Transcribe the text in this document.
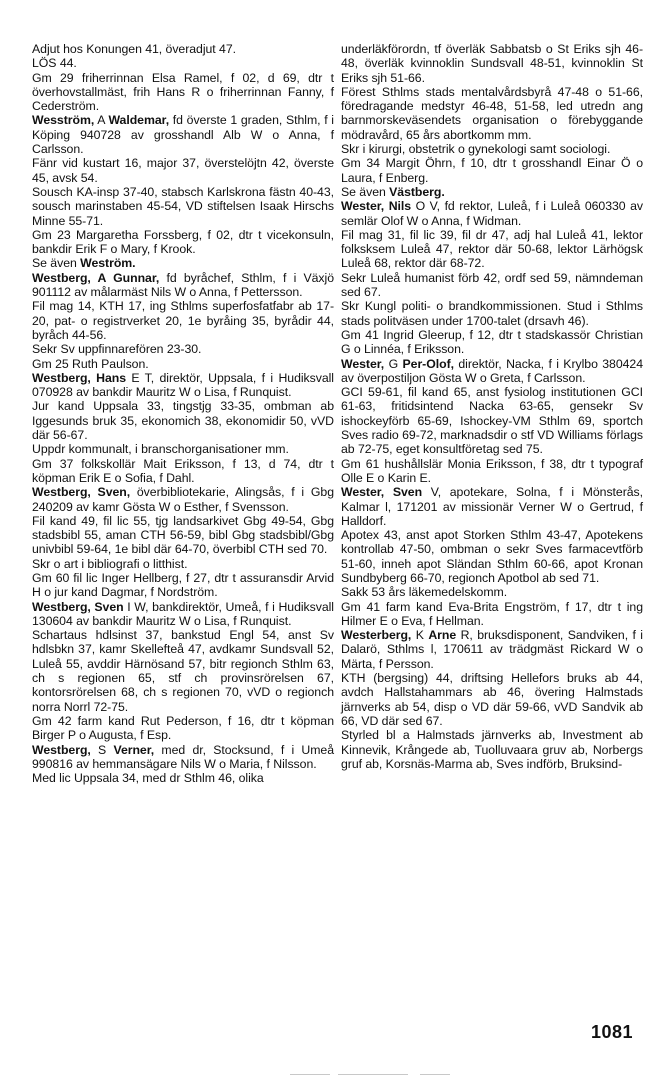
Adjut hos Konungen 41, överadjut 47.

LÖS 44.

Gm 29 friherrinnan Elsa Ramel, f 02, d 69, dtr t överhovstallmäst, frih Hans R o friherrinnan Fanny, f Cederström.

Wesström, A Waldemar, fd överste 1 graden, Sthlm, f i Köping 940728 av grosshandl Alb W o Anna, f Carlsson.

Fänr vid kustart 16, major 37, överstelöjtn 42, överste 45, avsk 54.

Sousch KA-insp 37-40, stabsch Karlskrona fästn 40-43, sousch marinstaben 45-54, VD stiftelsen Isaak Hirschs Minne 55-71.

Gm 23 Margaretha Forssberg, f 02, dtr t vicekonsuln, bankdir Erik F o Mary, f Krook.

Se även Weström.

Westberg, A Gunnar, fd byråchef, Sthlm, f i Växjö 901112 av målarmäst Nils W o Anna, f Pettersson.

Fil mag 14, KTH 17, ing Sthlms superfosfatfabr ab 17-20, pat- o registrverket 20, 1e byråing 35, byrådir 44, byråch 44-56.

Sekr Sv uppfinnarefören 23-30.

Gm 25 Ruth Paulson.

Westberg, Hans E T, direktör, Uppsala, f i Hudiksvall 070928 av bankdir Mauritz W o Lisa, f Runquist.

Jur kand Uppsala 33, tingstjg 33-35, ombman ab Iggesunds bruk 35, ekonomich 38, ekonomidir 50, vVD där 56-67.

Uppdr kommunalt, i branschorganisationer mm.

Gm 37 folkskollär Mait Eriksson, f 13, d 74, dtr t köpman Erik E o Sofia, f Dahl.

Westberg, Sven, överbibliotekarie, Alingsås, f i Gbg 240209 av kamr Gösta W o Esther, f Svensson.

Fil kand 49, fil lic 55, tjg landsarkivet Gbg 49-54, Gbg stadsbibl 55, aman CTH 56-59, bibl Gbg stadsbibl/Gbg univbibl 59-64, 1e bibl där 64-70, överbibl CTH sed 70.

Skr o art i bibliografi o litthist.

Gm 60 fil lic Inger Hellberg, f 27, dtr t assuransdir Arvid H o jur kand Dagmar, f Nordström.

Westberg, Sven I W, bankdirektör, Umeå, f i Hudiksvall 130604 av bankdir Mauritz W o Lisa, f Runquist.

Schartaus hdlsinst 37, bankstud Engl 54, anst Sv hdlsbkn 37, kamr Skellefteå 47, avdkamr Sundsvall 52, Luleå 55, avddir Härnösand 57, bitr regionch Sthlm 63, ch s regionen 65, stf ch provinsrörelsen 67, kontorsrörelsen 68, ch s regionen 70, vVD o regionch norra Norrl 72-75.

Gm 42 farm kand Rut Pederson, f 16, dtr t köpman Birger P o Augusta, f Esp.

Westberg, S Verner, med dr, Stocksund, f i Umeå 990816 av hemmansägare Nils W o Maria, f Nilsson.

Med lic Uppsala 34, med dr Sthlm 46, olika

underläkförordn, tf överläk Sabbatsb o St Eriks sjh 46-48, överläk kvinnoklin Sundsvall 48-51, kvinnoklin St Eriks sjh 51-66.

Förest Sthlms stads mentalvårdsbyrå 47-48 o 51-66, föredragande medstyr 46-48, 51-58, led utredn ang barnmorskeväsendets organisation o förebyggande mödravård, 65 års abortkomm mm.

Skr i kirurgi, obstetrik o gynekologi samt sociologi.

Gm 34 Margit Öhrn, f 10, dtr t grosshandl Einar Ö o Laura, f Enberg.

Se även Västberg.

Wester, Nils O V, fd rektor, Luleå, f i Luleå 060330 av semlär Olof W o Anna, f Widman.

Fil mag 31, fil lic 39, fil dr 47, adj hal Luleå 41, lektor folksksem Luleå 47, rektor där 50-68, lektor Lärhögsk Luleå 68, rektor där 68-72.

Sekr Luleå humanist förb 42, ordf sed 59, nämndeman sed 67.

Skr Kungl politi- o brandkommissionen. Stud i Sthlms stads politväsen under 1700-talet (drsavh 46).

Gm 41 Ingrid Gleerup, f 12, dtr t stadskassör Christian G o Linnéa, f Eriksson.

Wester, G Per-Olof, direktör, Nacka, f i Krylbo 380424 av överpostiljon Gösta W o Greta, f Carlsson.

GCI 59-61, fil kand 65, anst fysiolog institutionen GCI 61-63, fritidsintend Nacka 63-65, gensekr Sv ishockeyförb 65-69, Ishockey-VM Sthlm 69, sportch Sves radio 69-72, marknadsdir o stf VD Williams förlags ab 72-75, eget konsultföretag sed 75.

Gm 61 hushållslär Monia Eriksson, f 38, dtr t typograf Olle E o Karin E.

Wester, Sven V, apotekare, Solna, f i Mönsterås, Kalmar l, 171201 av missionär Verner W o Gertrud, f Halldorf.

Apotex 43, anst apot Storken Sthlm 43-47, Apotekens kontrollab 47-50, ombman o sekr Sves farmacevtförb 51-60, inneh apot Sländan Sthlm 60-66, apot Kronan Sundbyberg 66-70, regionch Apotbol ab sed 71.

Sakk 53 års läkemedelskomm.

Gm 41 farm kand Eva-Brita Engström, f 17, dtr t ing Hilmer E o Eva, f Hellman.

Westerberg, K Arne R, bruksdisponent, Sandviken, f i Dalarö, Sthlms l, 170611 av trädgmäst Rickard W o Märta, f Persson.

KTH (bergsing) 44, driftsing Hellefors bruks ab 44, avdch Hallstahammars ab 46, övering Halmstads järnverks ab 54, disp o VD där 59-66, vVD Sandvik ab 66, VD där sed 67.

Styrled bl a Halmstads järnverks ab, Investment ab Kinnevik, Krångede ab, Tuolluvaara gruv ab, Norbergs gruf ab, Korsnäs-Marma ab, Sves indförb, Bruksind-

1081
